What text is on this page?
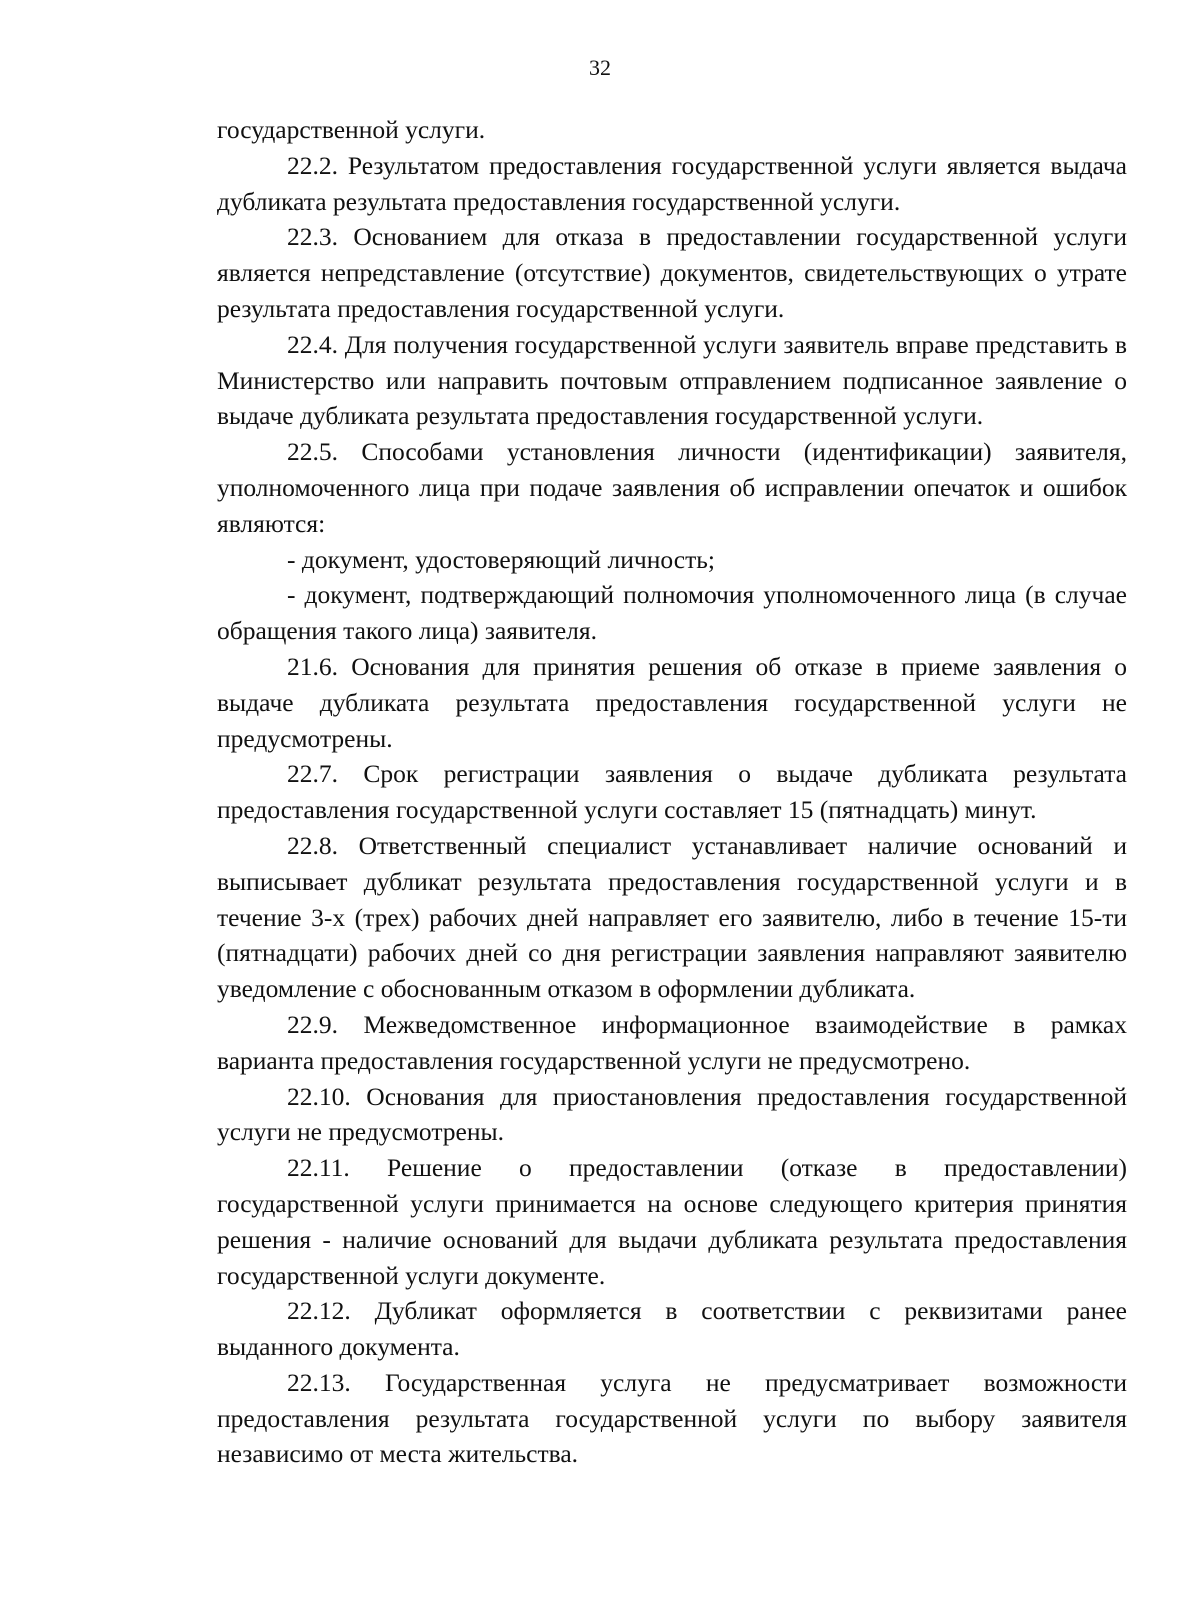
32

государственной услуги.

22.2. Результатом предоставления государственной услуги является выдача дубликата результата предоставления государственной услуги.

22.3. Основанием для отказа в предоставлении государственной услуги является непредставление (отсутствие) документов, свидетельствующих о утрате результата предоставления государственной услуги.

22.4. Для получения государственной услуги заявитель вправе представить в Министерство или направить почтовым отправлением подписанное заявление о выдаче дубликата результата предоставления государственной услуги.

22.5. Способами установления личности (идентификации) заявителя, уполномоченного лица при подаче заявления об исправлении опечаток и ошибок являются:

- документ, удостоверяющий личность;

- документ, подтверждающий полномочия уполномоченного лица (в случае обращения такого лица) заявителя.

21.6. Основания для принятия решения об отказе в приеме заявления о выдаче дубликата результата предоставления государственной услуги не предусмотрены.

22.7. Срок регистрации заявления о выдаче дубликата результата предоставления государственной услуги составляет 15 (пятнадцать) минут.

22.8. Ответственный специалист устанавливает наличие оснований и выписывает дубликат результата предоставления государственной услуги и в течение 3-х (трех) рабочих дней направляет его заявителю, либо в течение 15-ти (пятнадцати) рабочих дней со дня регистрации заявления направляют заявителю уведомление с обоснованным отказом в оформлении дубликата.

22.9. Межведомственное информационное взаимодействие в рамках варианта предоставления государственной услуги не предусмотрено.

22.10. Основания для приостановления предоставления государственной услуги не предусмотрены.

22.11. Решение о предоставлении (отказе в предоставлении) государственной услуги принимается на основе следующего критерия принятия решения - наличие оснований для выдачи дубликата результата предоставления государственной услуги документе.

22.12. Дубликат оформляется в соответствии с реквизитами ранее выданного документа.

22.13. Государственная услуга не предусматривает возможности предоставления результата государственной услуги по выбору заявителя независимо от места жительства.
